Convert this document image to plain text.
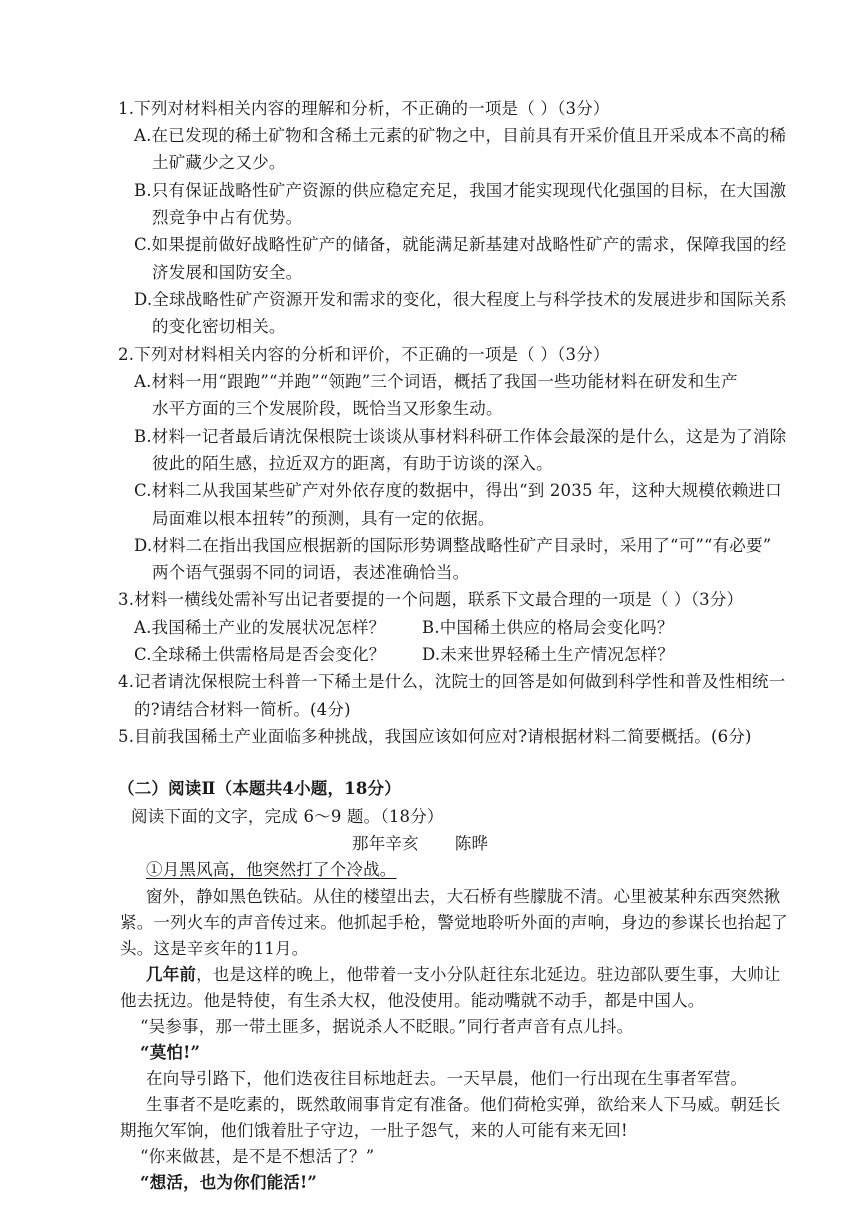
1.下列对材料相关内容的理解和分析，不正确的一项是（ ）（3分）
A.在已发现的稀土矿物和含稀土元素的矿物之中，目前具有开采价值且开采成本不高的稀
土矿藏少之又少。
B.只有保证战略性矿产资源的供应稳定充足，我国才能实现现代化强国的目标，在大国激
烈竞争中占有优势。
C.如果提前做好战略性矿产的储备，就能满足新基建对战略性矿产的需求，保障我国的经
济发展和国防安全。
D.全球战略性矿产资源开发和需求的变化，很大程度上与科学技术的发展进步和国际关系
的变化密切相关。
2.下列对材料相关内容的分析和评价，不正确的一项是（ ）（3分）
A.材料一用“跟跑”“并跑”“领跑”三个词语，概括了我国一些功能材料在研发和生产
水平方面的三个发展阶段，既恰当又形象生动。
B.材料一记者最后请沈保根院士谈谈从事材料科研工作体会最深的是什么，这是为了消除
彼此的陌生感，拉近双方的距离，有助于访谈的深入。
C.材料二从我国某些矿产对外依存度的数据中，得出“到 2035 年，这种大规模依赖进口
局面难以根本扭转”的预测，具有一定的依据。
D.材料二在指出我国应根据新的国际形势调整战略性矿产目录时，采用了“可”“有必要”
两个语气强弱不同的词语，表述准确恰当。
3.材料一横线处需补写出记者要提的一个问题，联系下文最合理的一项是（ ）（3分）
A.我国稀土产业的发展状况怎样？ B.中国稀土供应的格局会变化吗？
C.全球稀土供需格局是否会变化？ D.未来世界轻稀土生产情况怎样？
4.记者请沈保根院士科普一下稀土是什么，沈院士的回答是如何做到科学性和普及性相统一
的?请结合材料一简析。(4分)
5.目前我国稀土产业面临多种挑战，我国应该如何应对?请根据材料二简要概括。(6分)
（二）阅读Ⅱ（本题共4小题，18分）
阅读下面的文字，完成 6～9 题。（18分）
那年辛亥 陈晔
①月黑风高，他突然打了个冷战。
窗外，静如黑色铁砧。从住的楼望出去，大石桥有些朦胧不清。心里被某种东西突然揪
紧。一列火车的声音传过来。他抓起手枪，警觉地聆听外面的声响，身边的参谋长也抬起了
头。这是辛亥年的11月。
几年前，也是这样的晚上，他带着一支小分队赶往东北延边。驻边部队要生事，大帅让
他去抚边。他是特使，有生杀大权，他没使用。能动嘴就不动手，都是中国人。
“吴参事，那一带土匪多，据说杀人不眨眼。”同行者声音有点儿抖。
“莫怕!”
在向导引路下，他们迭夜往目标地赶去。一天早晨，他们一行出现在生事者军营。
生事者不是吃素的，既然敢闹事肯定有准备。他们荷枪实弹，欲给来人下马威。朝廷长
期拖欠军饷，他们饿着肚子守边，一肚子怨气，来的人可能有来无回!
“你来做甚，是不是不想活了？”
“想活，也为你们能活!”
